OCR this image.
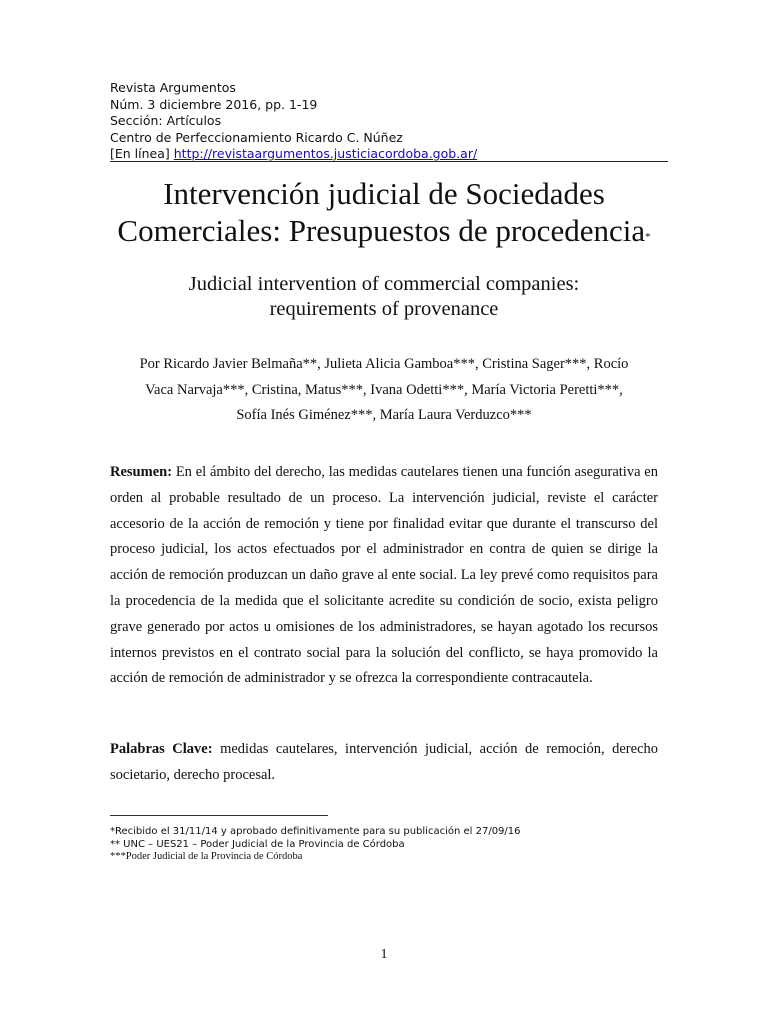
Revista Argumentos
Núm. 3 diciembre 2016, pp. 1-19
Sección: Artículos
Centro de Perfeccionamiento Ricardo C. Núñez
[En línea] http://revistaargumentos.justiciacordoba.gob.ar/
Intervención judicial de Sociedades
Comerciales: Presupuestos de procedencia*
Judicial intervention of commercial companies:
requirements of provenance
Por Ricardo Javier Belmaña**, Julieta Alicia Gamboa***, Cristina Sager***, Rocío
Vaca Narvaja***, Cristina, Matus***, Ivana Odetti***, María Victoria Peretti***,
Sofía Inés Giménez***, María Laura Verduzco***
Resumen: En el ámbito del derecho, las medidas cautelares tienen una función asegurativa en orden al probable resultado de un proceso. La intervención judicial, reviste el carácter accesorio de la acción de remoción y tiene por finalidad evitar que durante el transcurso del proceso judicial, los actos efectuados por el administrador en contra de quien se dirige la acción de remoción produzcan un daño grave al ente social. La ley prevé como requisitos para la procedencia de la medida que el solicitante acredite su condición de socio, exista peligro grave generado por actos u omisiones de los administradores, se hayan agotado los recursos internos previstos en el contrato social para la solución del conflicto, se haya promovido la acción de remoción de administrador y se ofrezca la correspondiente contracautela.
Palabras Clave: medidas cautelares, intervención judicial, acción de remoción, derecho societario, derecho procesal.
*Recibido el 31/11/14 y aprobado definitivamente para su publicación el 27/09/16
** UNC – UES21 – Poder Judicial de la Provincia de Córdoba
***Poder Judicial de la Provincia de Córdoba
1
